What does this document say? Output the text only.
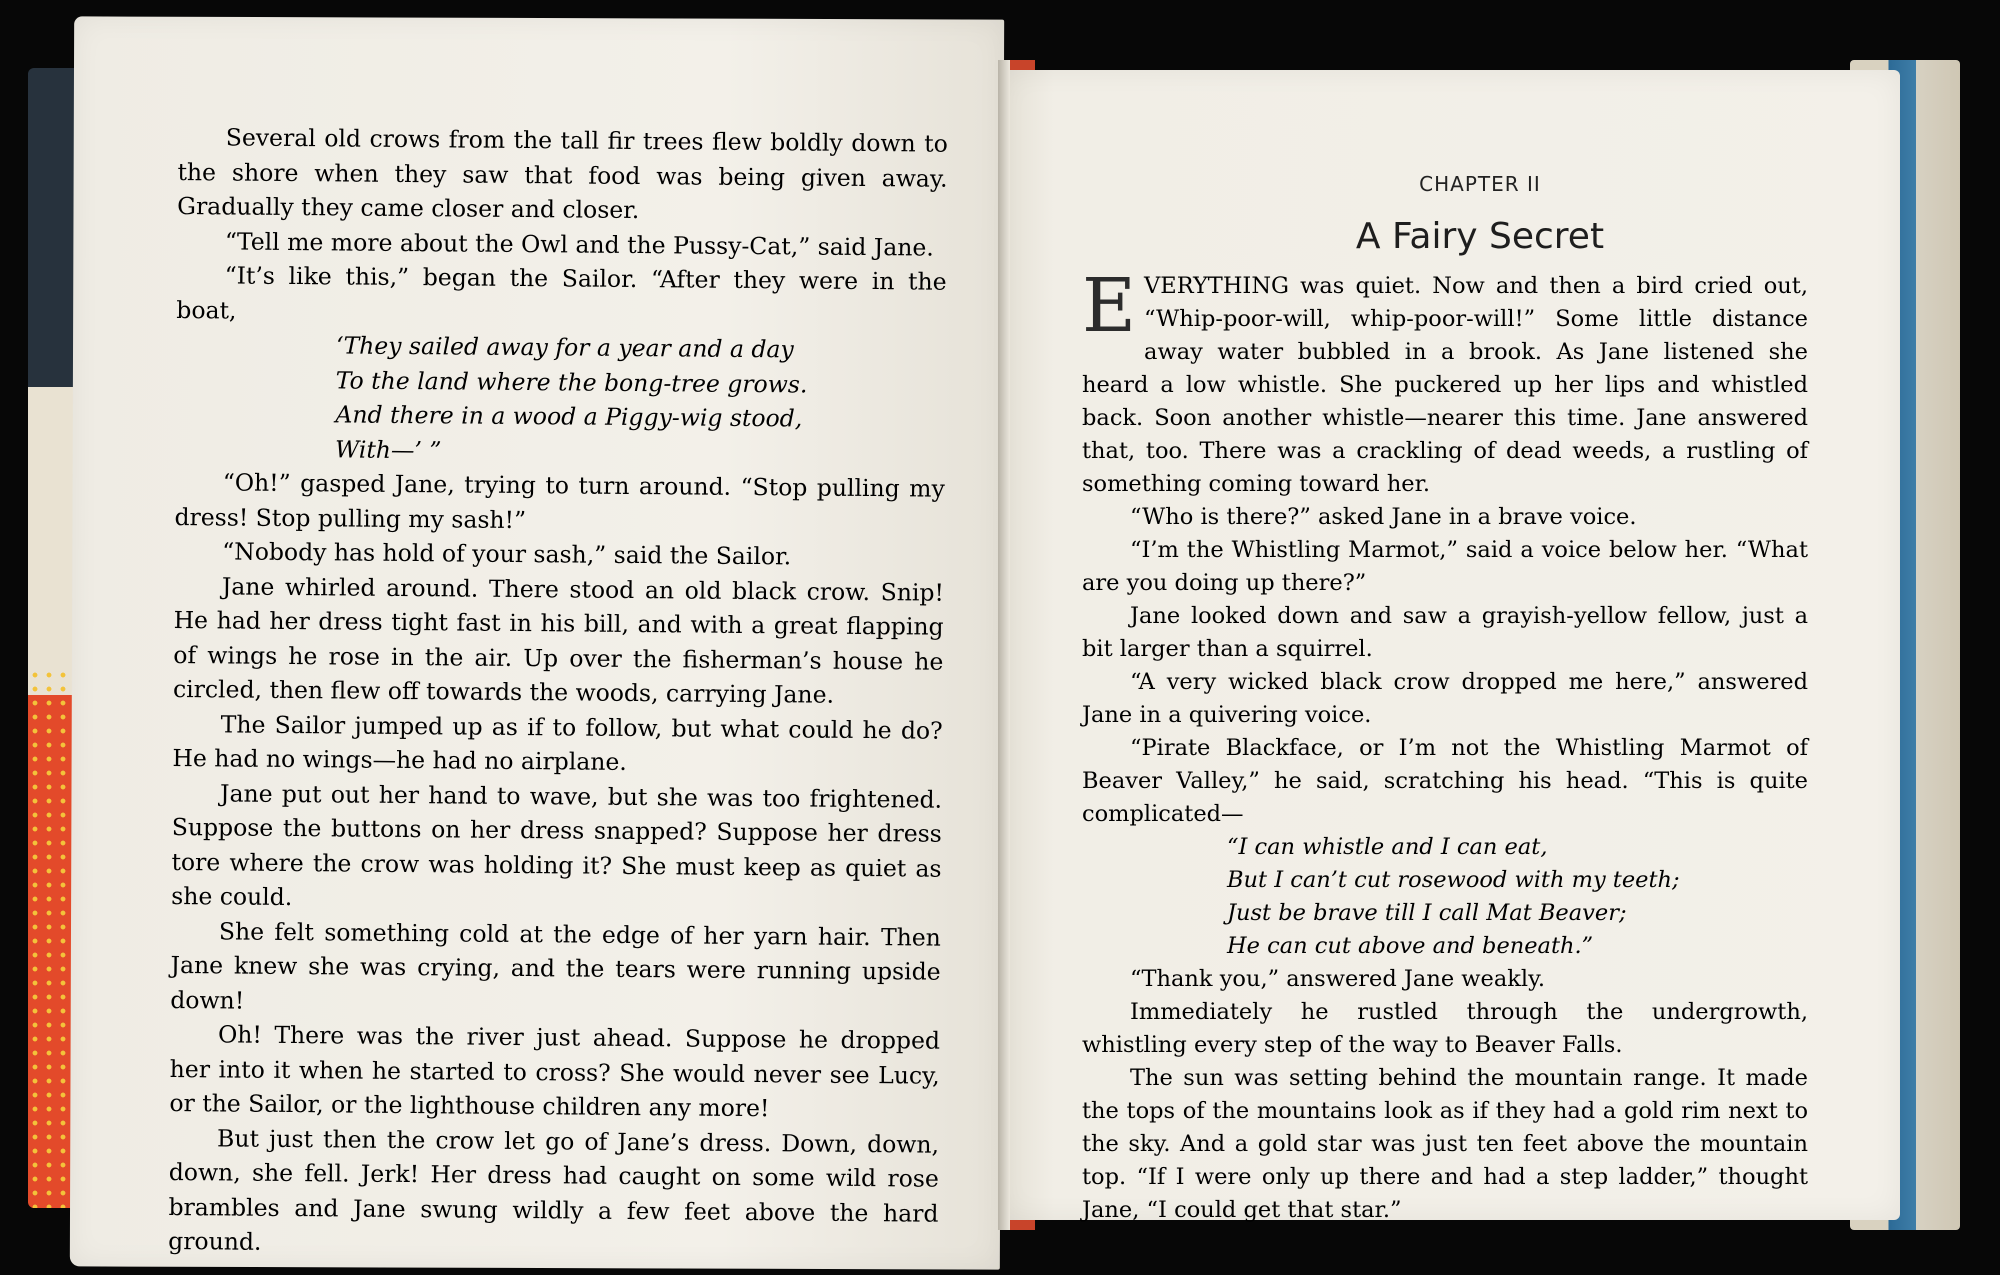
Several old crows from the tall fir trees flew boldly down to the shore when they saw that food was being given away. Gradually they came closer and closer.

“Tell me more about the Owl and the Pussy-Cat,” said Jane.

“It’s like this,” began the Sailor. “After they were in the boat,

‘They sailed away for a year and a day
To the land where the bong-tree grows.
And there in a wood a Piggy-wig stood,
With—’ ”

“Oh!” gasped Jane, trying to turn around. “Stop pulling my dress! Stop pulling my sash!”

“Nobody has hold of your sash,” said the Sailor.

Jane whirled around. There stood an old black crow. Snip! He had her dress tight fast in his bill, and with a great flapping of wings he rose in the air. Up over the fisherman’s house he circled, then flew off towards the woods, carrying Jane.

The Sailor jumped up as if to follow, but what could he do? He had no wings—he had no airplane.

Jane put out her hand to wave, but she was too frightened. Suppose the buttons on her dress snapped? Suppose her dress tore where the crow was holding it? She must keep as quiet as she could.

She felt something cold at the edge of her yarn hair. Then Jane knew she was crying, and the tears were running upside down!

Oh! There was the river just ahead. Suppose he dropped her into it when he started to cross? She would never see Lucy, or the Sailor, or the lighthouse children any more!

But just then the crow let go of Jane’s dress. Down, down, down, she fell. Jerk! Her dress had caught on some wild rose brambles and Jane swung wildly a few feet above the hard ground.

CHAPTER II
A Fairy Secret

EVERYTHING was quiet. Now and then a bird cried out, “Whip-poor-will, whip-poor-will!” Some little distance away water bubbled in a brook. As Jane listened she heard a low whistle. She puckered up her lips and whistled back. Soon another whistle—nearer this time. Jane answered that, too. There was a crackling of dead weeds, a rustling of something coming toward her.

“Who is there?” asked Jane in a brave voice.

“I’m the Whistling Marmot,” said a voice below her. “What are you doing up there?”

Jane looked down and saw a grayish-yellow fellow, just a bit larger than a squirrel.

“A very wicked black crow dropped me here,” answered Jane in a quivering voice.

“Pirate Blackface, or I’m not the Whistling Marmot of Beaver Valley,” he said, scratching his head. “This is quite complicated—

“I can whistle and I can eat,
But I can’t cut rosewood with my teeth;
Just be brave till I call Mat Beaver;
He can cut above and beneath.”

“Thank you,” answered Jane weakly.

Immediately he rustled through the undergrowth, whistling every step of the way to Beaver Falls.

The sun was setting behind the mountain range. It made the tops of the mountains look as if they had a gold rim next to the sky. And a gold star was just ten feet above the mountain top. “If I were only up there and had a step ladder,” thought Jane, “I could get that star.”
